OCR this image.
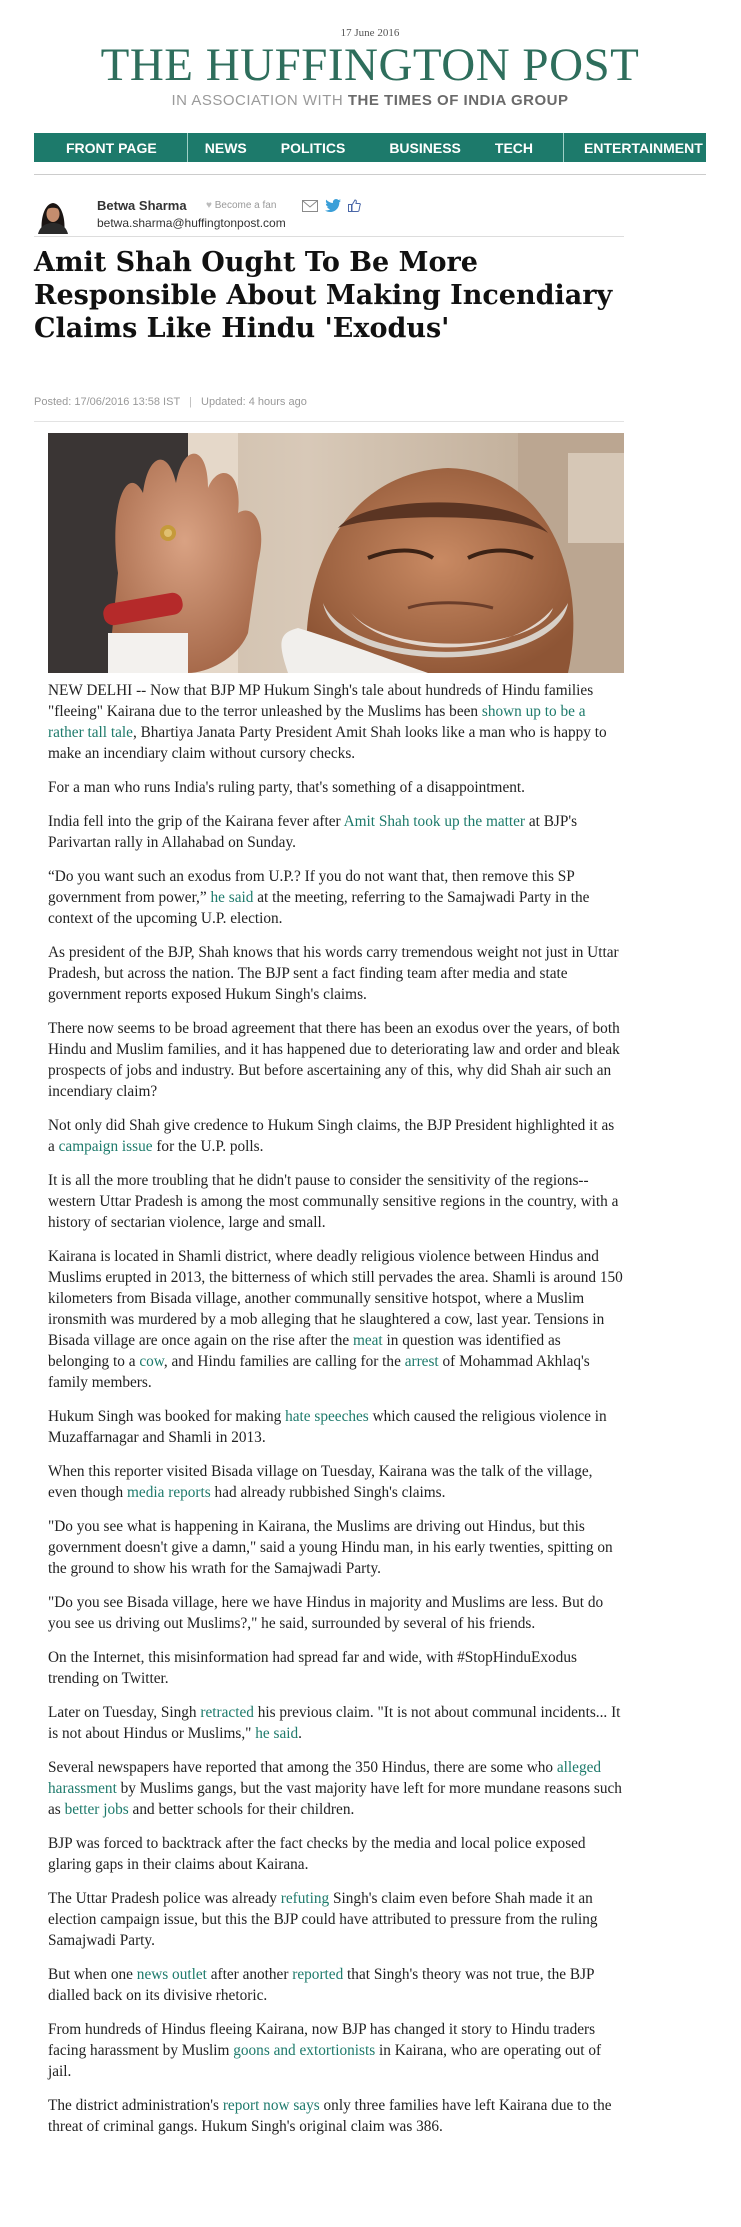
17 June 2016
THE HUFFINGTON POST
IN ASSOCIATION WITH THE TIMES OF INDIA GROUP
FRONT PAGE	NEWS	POLITICS	BUSINESS	TECH	ENTERTAINMENT
Betwa Sharma ♥ Become a fan
betwa.sharma@huffingtonpost.com
Amit Shah Ought To Be More Responsible About Making Incendiary Claims Like Hindu 'Exodus'
Posted: 17/06/2016 13:58 IST | Updated: 4 hours ago

NEW DELHI -- Now that BJP MP Hukum Singh's tale about hundreds of Hindu families "fleeing" Kairana due to the terror unleashed by the Muslims has been shown up to be a rather tall tale, Bhartiya Janata Party President Amit Shah looks like a man who is happy to make an incendiary claim without cursory checks.

For a man who runs India's ruling party, that's something of a disappointment.

India fell into the grip of the Kairana fever after Amit Shah took up the matter at BJP's Parivartan rally in Allahabad on Sunday.

“Do you want such an exodus from U.P.? If you do not want that, then remove this SP government from power,” he said at the meeting, referring to the Samajwadi Party in the context of the upcoming U.P. election.

As president of the BJP, Shah knows that his words carry tremendous weight not just in Uttar Pradesh, but across the nation. The BJP sent a fact finding team after media and state government reports exposed Hukum Singh's claims.

There now seems to be broad agreement that there has been an exodus over the years, of both Hindu and Muslim families, and it has happened due to deteriorating law and order and bleak prospects of jobs and industry. But before ascertaining any of this, why did Shah air such an incendiary claim?

Not only did Shah give credence to Hukum Singh claims, the BJP President highlighted it as a campaign issue for the U.P. polls.

It is all the more troubling that he didn't pause to consider the sensitivity of the regions--western Uttar Pradesh is among the most communally sensitive regions in the country, with a history of sectarian violence, large and small.

Kairana is located in Shamli district, where deadly religious violence between Hindus and Muslims erupted in 2013, the bitterness of which still pervades the area. Shamli is around 150 kilometers from Bisada village, another communally sensitive hotspot, where a Muslim ironsmith was murdered by a mob alleging that he slaughtered a cow, last year. Tensions in Bisada village are once again on the rise after the meat in question was identified as belonging to a cow, and Hindu families are calling for the arrest of Mohammad Akhlaq's family members.

Hukum Singh was booked for making hate speeches which caused the religious violence in Muzaffarnagar and Shamli in 2013.

When this reporter visited Bisada village on Tuesday, Kairana was the talk of the village, even though media reports had already rubbished Singh's claims.

"Do you see what is happening in Kairana, the Muslims are driving out Hindus, but this government doesn't give a damn," said a young Hindu man, in his early twenties, spitting on the ground to show his wrath for the Samajwadi Party.

"Do you see Bisada village, here we have Hindus in majority and Muslims are less. But do you see us driving out Muslims?," he said, surrounded by several of his friends.

On the Internet, this misinformation had spread far and wide, with #StopHinduExodus trending on Twitter.

Later on Tuesday, Singh retracted his previous claim. "It is not about communal incidents... It is not about Hindus or Muslims," he said.

Several newspapers have reported that among the 350 Hindus, there are some who alleged harassment by Muslims gangs, but the vast majority have left for more mundane reasons such as better jobs and better schools for their children.

BJP was forced to backtrack after the fact checks by the media and local police exposed glaring gaps in their claims about Kairana.

The Uttar Pradesh police was already refuting Singh's claim even before Shah made it an election campaign issue, but this the BJP could have attributed to pressure from the ruling Samajwadi Party.

But when one news outlet after another reported that Singh's theory was not true, the BJP dialled back on its divisive rhetoric.

From hundreds of Hindus fleeing Kairana, now BJP has changed it story to Hindu traders facing harassment by Muslim goons and extortionists in Kairana, who are operating out of jail.

The district administration's report now says only three families have left Kairana due to the threat of criminal gangs. Hukum Singh's original claim was 386.
